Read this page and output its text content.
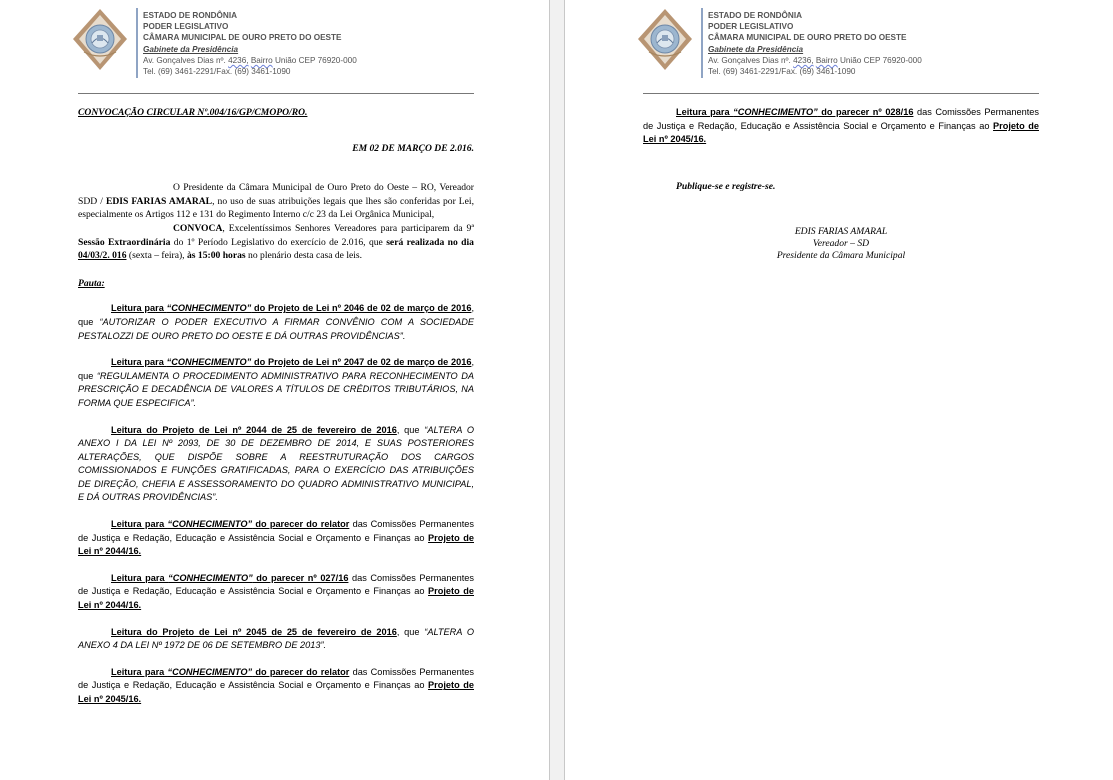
ESTADO DE RONDÔNIA
PODER LEGISLATIVO
CÂMARA MUNICIPAL DE OURO PRETO DO OESTE
Gabinete da Presidência
Av. Gonçalves Dias nº. 4236, Bairro União CEP 76920-000
Tel. (69) 3461-2291/Fax. (69) 3461-1090

CONVOCAÇÃO CIRCULAR Nº.004/16/GP/CMOPO/RO.

EM 02 DE MARÇO DE 2.016.

O Presidente da Câmara Municipal de Ouro Preto do Oeste – RO, Vereador SDD / EDIS FARIAS AMARAL, no uso de suas atribuições legais que lhes são conferidas por Lei, especialmente os Artigos 112 e 131 do Regimento Interno c/c 23 da Lei Orgânica Municipal,

CONVOCA, Excelentíssimos Senhores Vereadores para participarem da 9ª Sessão Extraordinária do 1º Período Legislativo do exercício de 2.016, que será realizada no dia 04/03/2. 016 (sexta – feira), às 15:00 horas no plenário desta casa de leis.

Pauta:

Leitura para “CONHECIMENTO” do Projeto de Lei nº 2046 de 02 de março de 2016, que “AUTORIZAR O PODER EXECUTIVO A FIRMAR CONVÊNIO COM A SOCIEDADE PESTALOZZI DE OURO PRETO DO OESTE E DÁ OUTRAS PROVIDÊNCIAS”.

Leitura para “CONHECIMENTO” do Projeto de Lei nº 2047 de 02 de março de 2016, que “REGULAMENTA O PROCEDIMENTO ADMINISTRATIVO PARA RECONHECIMENTO DA PRESCRIÇÃO E DECADÊNCIA DE VALORES A TÍTULOS DE CRÉDITOS TRIBUTÁRIOS, NA FORMA QUE ESPECIFICA”.

Leitura do Projeto de Lei nº 2044 de 25 de fevereiro de 2016, que “ALTERA O ANEXO I DA LEI Nº 2093, DE 30 DE DEZEMBRO DE 2014, E SUAS POSTERIORES ALTERAÇÕES, QUE DISPÕE SOBRE A REESTRUTURAÇÃO DOS CARGOS COMISSIONADOS E FUNÇÕES GRATIFICADAS, PARA O EXERCÍCIO DAS ATRIBUIÇÕES DE DIREÇÃO, CHEFIA E ASSESSORAMENTO DO QUADRO ADMINISTRATIVO MUNICIPAL, E DÁ OUTRAS PROVIDÊNCIAS”.

Leitura para “CONHECIMENTO” do parecer do relator das Comissões Permanentes de Justiça e Redação, Educação e Assistência Social e Orçamento e Finanças ao Projeto de Lei nº 2044/16.

Leitura para “CONHECIMENTO” do parecer nº 027/16 das Comissões Permanentes de Justiça e Redação, Educação e Assistência Social e Orçamento e Finanças ao Projeto de Lei nº 2044/16.

Leitura do Projeto de Lei nº 2045 de 25 de fevereiro de 2016, que “ALTERA O ANEXO 4 DA LEI Nº 1972 DE 06 DE SETEMBRO DE 2013”.

Leitura para “CONHECIMENTO” do parecer do relator das Comissões Permanentes de Justiça e Redação, Educação e Assistência Social e Orçamento e Finanças ao Projeto de Lei nº 2045/16.

ESTADO DE RONDÔNIA
PODER LEGISLATIVO
CÂMARA MUNICIPAL DE OURO PRETO DO OESTE
Gabinete da Presidência
Av. Gonçalves Dias nº. 4236, Bairro União CEP 76920-000
Tel. (69) 3461-2291/Fax. (69) 3461-1090

Leitura para “CONHECIMENTO” do parecer nº 028/16 das Comissões Permanentes de Justiça e Redação, Educação e Assistência Social e Orçamento e Finanças ao Projeto de Lei nº 2045/16.

Publique-se e registre-se.

EDIS FARIAS AMARAL
Vereador – SD
Presidente da Câmara Municipal
